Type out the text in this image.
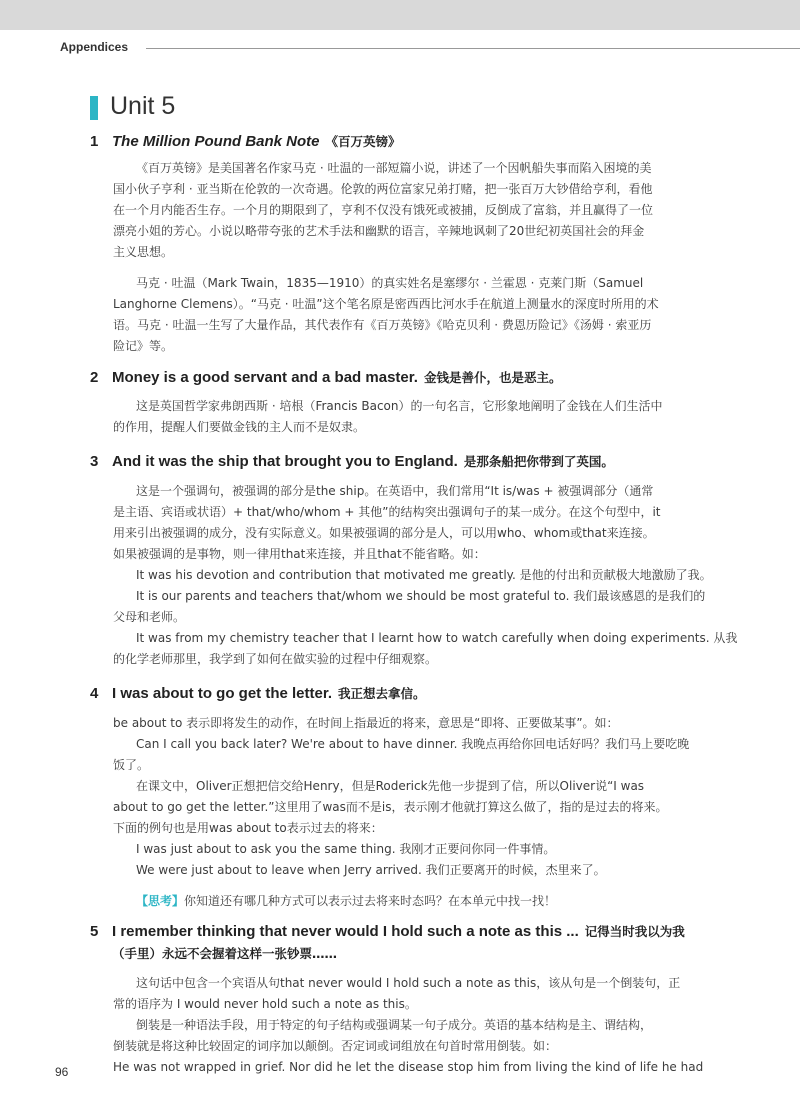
Appendices
Unit 5
1 The Million Pound Bank Note 《百万英镑》
《百万英镑》是美国著名作家马克 · 吐温的一部短篇小说，讲述了一个因帆船失事而陷入困境的美
国小伙子亨利 · 亚当斯在伦敦的一次奇遇。伦敦的两位富家兄弟打赌，把一张百万大钞借给亨利，看他
在一个月内能否生存。一个月的期限到了，亨利不仅没有饿死或被捕，反倒成了富翁，并且赢得了一位
漂亮小姐的芳心。小说以略带夸张的艺术手法和幽默的语言，辛辣地讽刺了20世纪初英国社会的拜金
主义思想。
马克 · 吐温（Mark Twain，1835—1910）的真实姓名是塞缪尔 · 兰霍恩 · 克莱门斯（Samuel
Langhorne Clemens）。“马克 · 吐温”这个笔名原是密西西比河水手在航道上测量水的深度时所用的术
语。马克 · 吐温一生写了大量作品，其代表作有《百万英镑》《哈克贝利 · 费恩历险记》《汤姆 · 索亚历
险记》等。
2 Money is a good servant and a bad master. 金钱是善仆，也是恶主。
这是英国哲学家弗朗西斯 · 培根（Francis Bacon）的一句名言，它形象地阐明了金钱在人们生活中
的作用，提醒人们要做金钱的主人而不是奴隶。
3 And it was the ship that brought you to England. 是那条船把你带到了英国。
这是一个强调句，被强调的部分是the ship。在英语中，我们常用“It is/was + 被强调部分（通常
是主语、宾语或状语）+ that/who/whom + 其他”的结构突出强调句子的某一成分。在这个句型中，it
用来引出被强调的成分，没有实际意义。如果被强调的部分是人，可以用who、whom或that来连接。
如果被强调的是事物，则一律用that来连接，并且that不能省略。如：
It was his devotion and contribution that motivated me greatly. 是他的付出和贡献极大地激励了我。
It is our parents and teachers that/whom we should be most grateful to. 我们最该感恩的是我们的
父母和老师。
It was from my chemistry teacher that I learnt how to watch carefully when doing experiments. 从我
的化学老师那里，我学到了如何在做实验的过程中仔细观察。
4 I was about to go get the letter. 我正想去拿信。
be about to 表示即将发生的动作，在时间上指最近的将来，意思是“即将、正要做某事”。如：
Can I call you back later? We're about to have dinner. 我晚点再给你回电话好吗？我们马上要吃晚
饭了。
在课文中，Oliver正想把信交给Henry，但是Roderick先他一步提到了信，所以Oliver说“I was
about to go get the letter.”这里用了was而不是is，表示刚才他就打算这么做了，指的是过去的将来。
下面的例句也是用was about to表示过去的将来：
I was just about to ask you the same thing. 我刚才正要问你同一件事情。
We were just about to leave when Jerry arrived. 我们正要离开的时候，杰里来了。
【思考】你知道还有哪几种方式可以表示过去将来时态吗？在本单元中找一找！
5 I remember thinking that never would I hold such a note as this ... 记得当时我以为我
（手里）永远不会握着这样一张钞票……
这句话中包含一个宾语从句that never would I hold such a note as this，该从句是一个倒装句，正
常的语序为 I would never hold such a note as this。
倒装是一种语法手段，用于特定的句子结构或强调某一句子成分。英语的基本结构是主、谓结构，
倒装就是将这种比较固定的词序加以颠倒。否定词或词组放在句首时常用倒装。如：
He was not wrapped in grief. Nor did he let the disease stop him from living the kind of life he had
96
